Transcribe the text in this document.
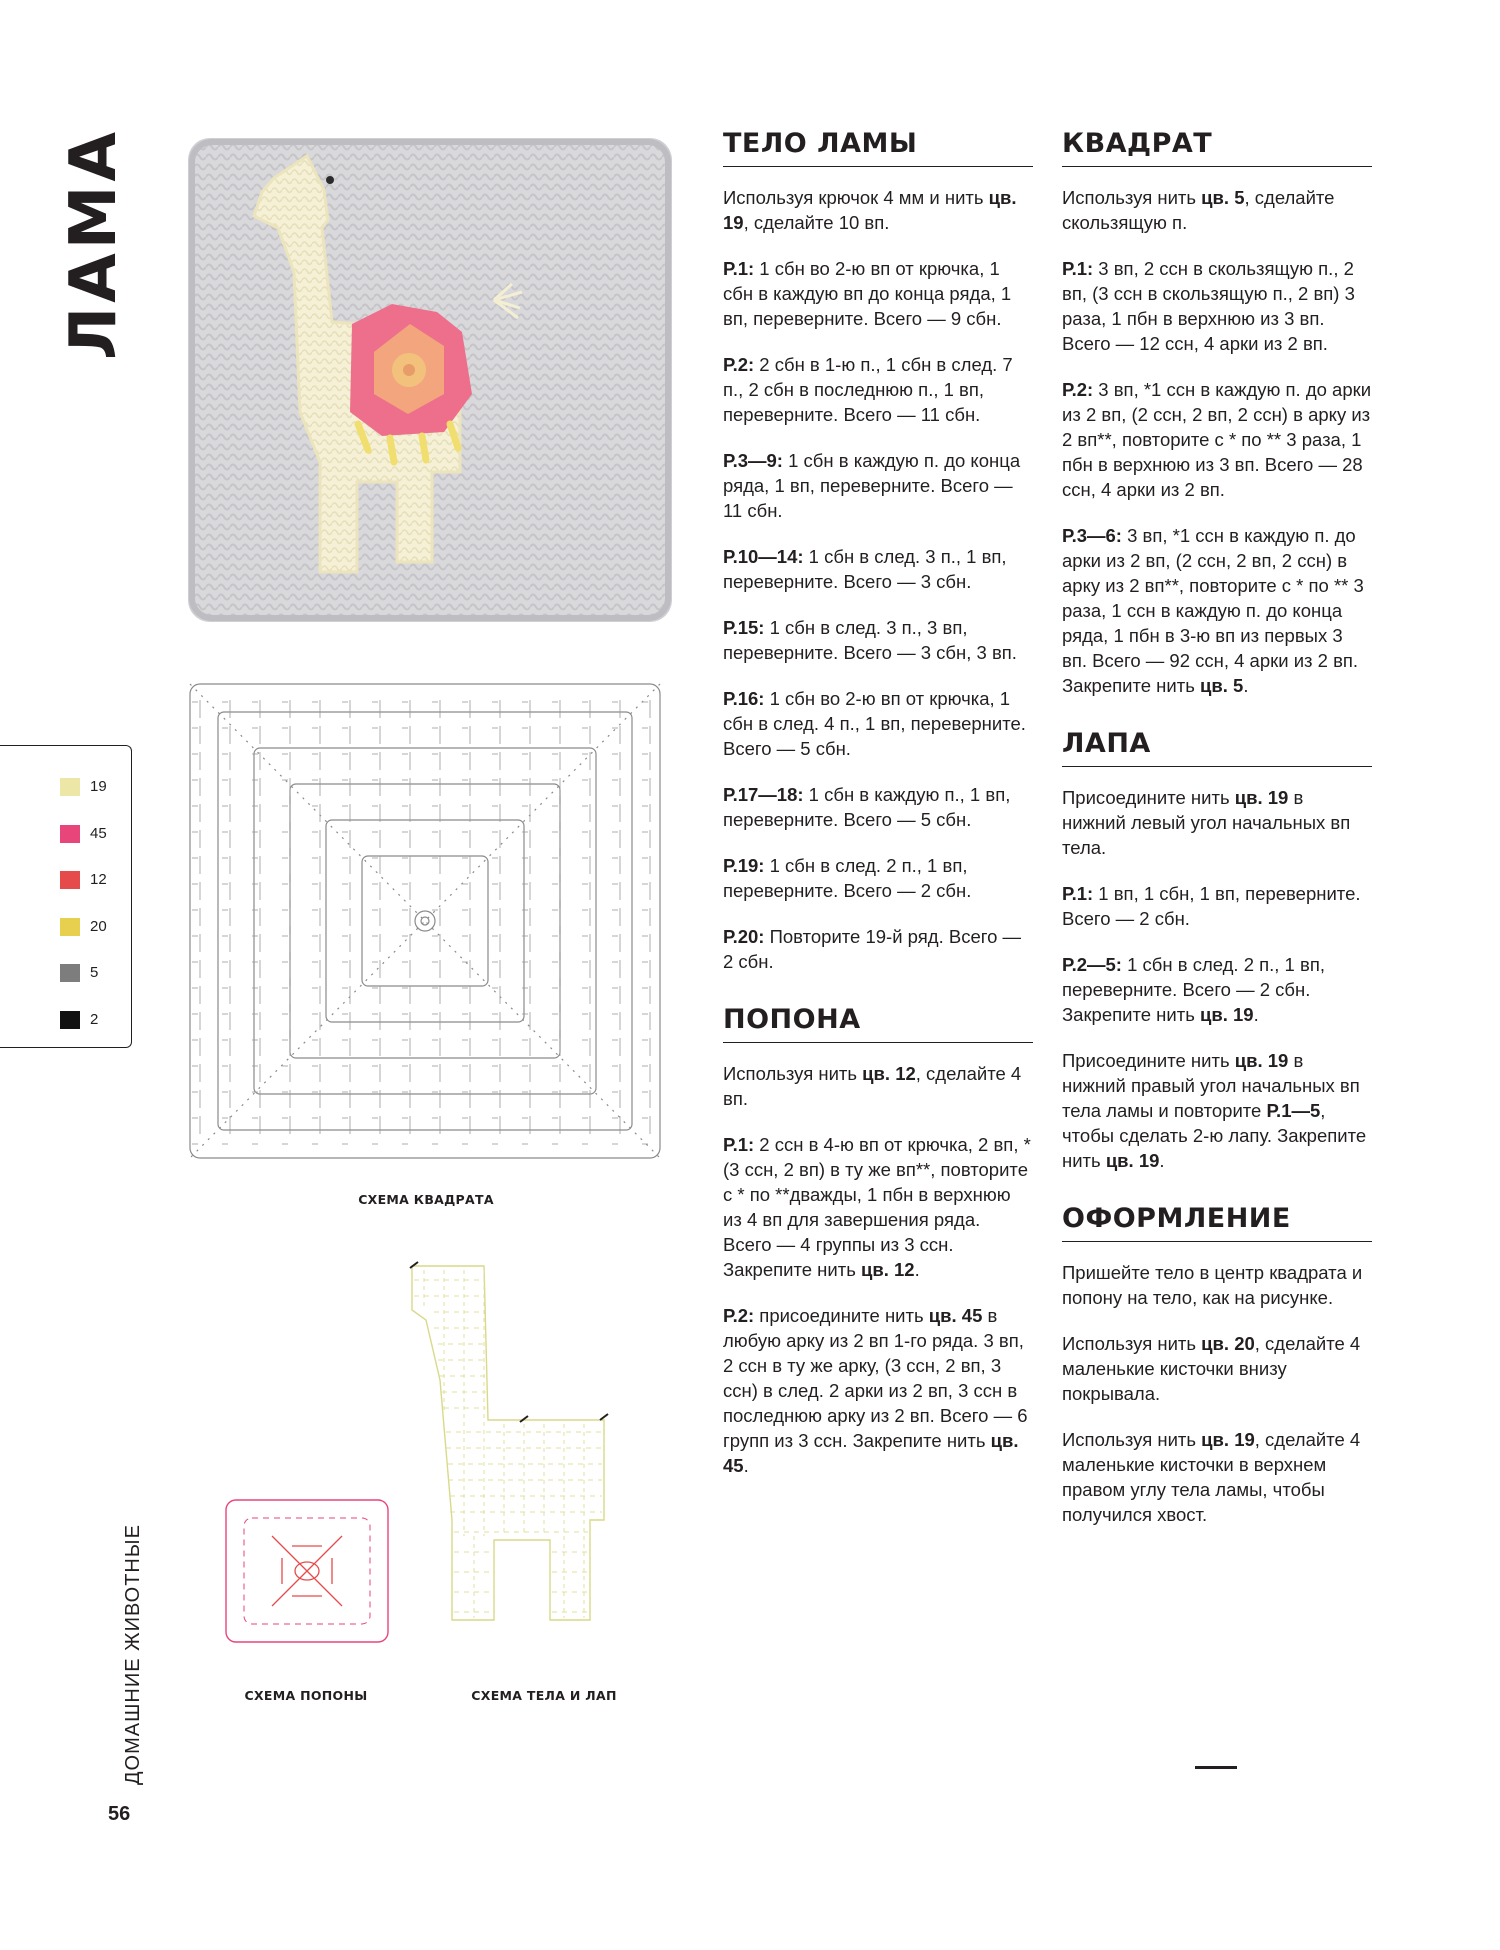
ЛАМА
ДОМАШНИЕ ЖИВОТНЫЕ
56
СХЕМА КВАДРАТА
СХЕМА ПОПОНЫ	СХЕМА ТЕЛА И ЛАП
19
45
12
20
5
2
ТЕЛО ЛАМЫ

Используя крючок 4 мм и нить цв. 19, сделайте 10 вп.

Р.1: 1 сбн во 2-ю вп от крючка, 1 сбн в каждую вп до конца ряда, 1 вп, переверните. Всего — 9 сбн.

Р.2: 2 сбн в 1-ю п., 1 сбн в след. 7 п., 2 сбн в последнюю п., 1 вп, переверните. Всего — 11 сбн.

Р.3—9: 1 сбн в каждую п. до конца ряда, 1 вп, переверните. Всего — 11 сбн.

Р.10—14: 1 сбн в след. 3 п., 1 вп, переверните. Всего — 3 сбн.

Р.15: 1 сбн в след. 3 п., 3 вп, переверните. Всего — 3 сбн, 3 вп.

Р.16: 1 сбн во 2-ю вп от крючка, 1 сбн в след. 4 п., 1 вп, переверните. Всего — 5 сбн.

Р.17—18: 1 сбн в каждую п., 1 вп, переверните. Всего — 5 сбн.

Р.19: 1 сбн в след. 2 п., 1 вп, переверните. Всего — 2 сбн.

Р.20: Повторите 19-й ряд. Всего — 2 сбн.

ПОПОНА

Используя нить цв. 12, сделайте 4 вп.

Р.1: 2 ссн в 4-ю вп от крючка, 2 вп, *(3 ссн, 2 вп) в ту же вп**, повторите с * по **дважды, 1 пбн в верхнюю из 4 вп для завершения ряда. Всего — 4 группы из 3 ссн. Закрепите нить цв. 12.

Р.2: присоедините нить цв. 45 в любую арку из 2 вп 1-го ряда. 3 вп, 2 ссн в ту же арку, (3 ссн, 2 вп, 3 ссн) в след. 2 арки из 2 вп, 3 ссн в последнюю арку из 2 вп. Всего — 6 групп из 3 ссн. Закрепите нить цв. 45.

КВАДРАТ

Используя нить цв. 5, сделайте скользящую п.

Р.1: 3 вп, 2 ссн в скользящую п., 2 вп, (3 ссн в скользящую п., 2 вп) 3 раза, 1 пбн в верхнюю из 3 вп. Всего — 12 ссн, 4 арки из 2 вп.

Р.2: 3 вп, *1 ссн в каждую п. до арки из 2 вп, (2 ссн, 2 вп, 2 ссн) в арку из 2 вп**, повторите с * по ** 3 раза, 1 пбн в верхнюю из 3 вп. Всего — 28 ссн, 4 арки из 2 вп.

Р.3—6: 3 вп, *1 ссн в каждую п. до арки из 2 вп, (2 ссн, 2 вп, 2 ссн) в арку из 2 вп**, повторите с * по ** 3 раза, 1 ссн в каждую п. до конца ряда, 1 пбн в 3-ю вп из первых 3 вп. Всего — 92 ссн, 4 арки из 2 вп. Закрепите нить цв. 5.

ЛАПА

Присоедините нить цв. 19 в нижний левый угол начальных вп тела.

Р.1: 1 вп, 1 сбн, 1 вп, переверните. Всего — 2 сбн.

Р.2—5: 1 сбн в след. 2 п., 1 вп, переверните. Всего — 2 сбн. Закрепите нить цв. 19.

Присоедините нить цв. 19 в нижний правый угол начальных вп тела ламы и повторите Р.1—5, чтобы сделать 2-ю лапу. Закрепите нить цв. 19.

ОФОРМЛЕНИЕ

Пришейте тело в центр квадрата и попону на тело, как на рисунке.

Используя нить цв. 20, сделайте 4 маленькие кисточки внизу покрывала.

Используя нить цв. 19, сделайте 4 маленькие кисточки в верхнем правом углу тела ламы, чтобы получился хвост.
